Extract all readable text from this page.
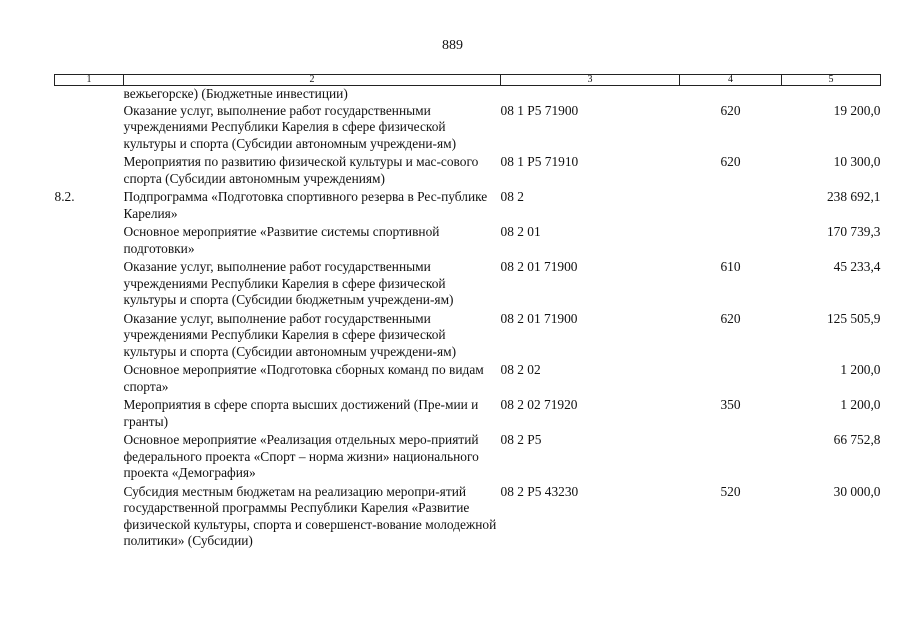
889
1	2	3	4	5
	вежьегорске) (Бюджетные инвестиции)			
	Оказание услуг, выполнение работ государственными учреждениями Республики Карелия в сфере физической культуры и спорта (Субсидии автономным учреждени-ям)	08 1 P5 71900	620	19 200,0
	Мероприятия по развитию физической культуры и мас-сового спорта (Субсидии автономным учреждениям)	08 1 P5 71910	620	10 300,0
8.2.	Подпрограмма «Подготовка спортивного резерва в Рес-публике Карелия»	08 2		238 692,1
	Основное мероприятие «Развитие системы спортивной подготовки»	08 2 01		170 739,3
	Оказание услуг, выполнение работ государственными учреждениями Республики Карелия в сфере физической культуры и спорта (Субсидии бюджетным учреждени-ям)	08 2 01 71900	610	45 233,4
	Оказание услуг, выполнение работ государственными учреждениями Республики Карелия в сфере физической культуры и спорта (Субсидии автономным учреждени-ям)	08 2 01 71900	620	125 505,9
	Основное мероприятие «Подготовка сборных команд по видам спорта»	08 2 02		1 200,0
	Мероприятия в сфере спорта высших достижений (Пре-мии и гранты)	08 2 02 71920	350	1 200,0
	Основное мероприятие «Реализация отдельных меро-приятий федерального проекта «Спорт – норма жизни» национального проекта «Демография»	08 2 P5		66 752,8
	Субсидия местным бюджетам на реализацию меропри-ятий государственной программы Республики Карелия «Развитие физической культуры, спорта и совершенст-вование молодежной политики» (Субсидии)	08 2 P5 43230	520	30 000,0
